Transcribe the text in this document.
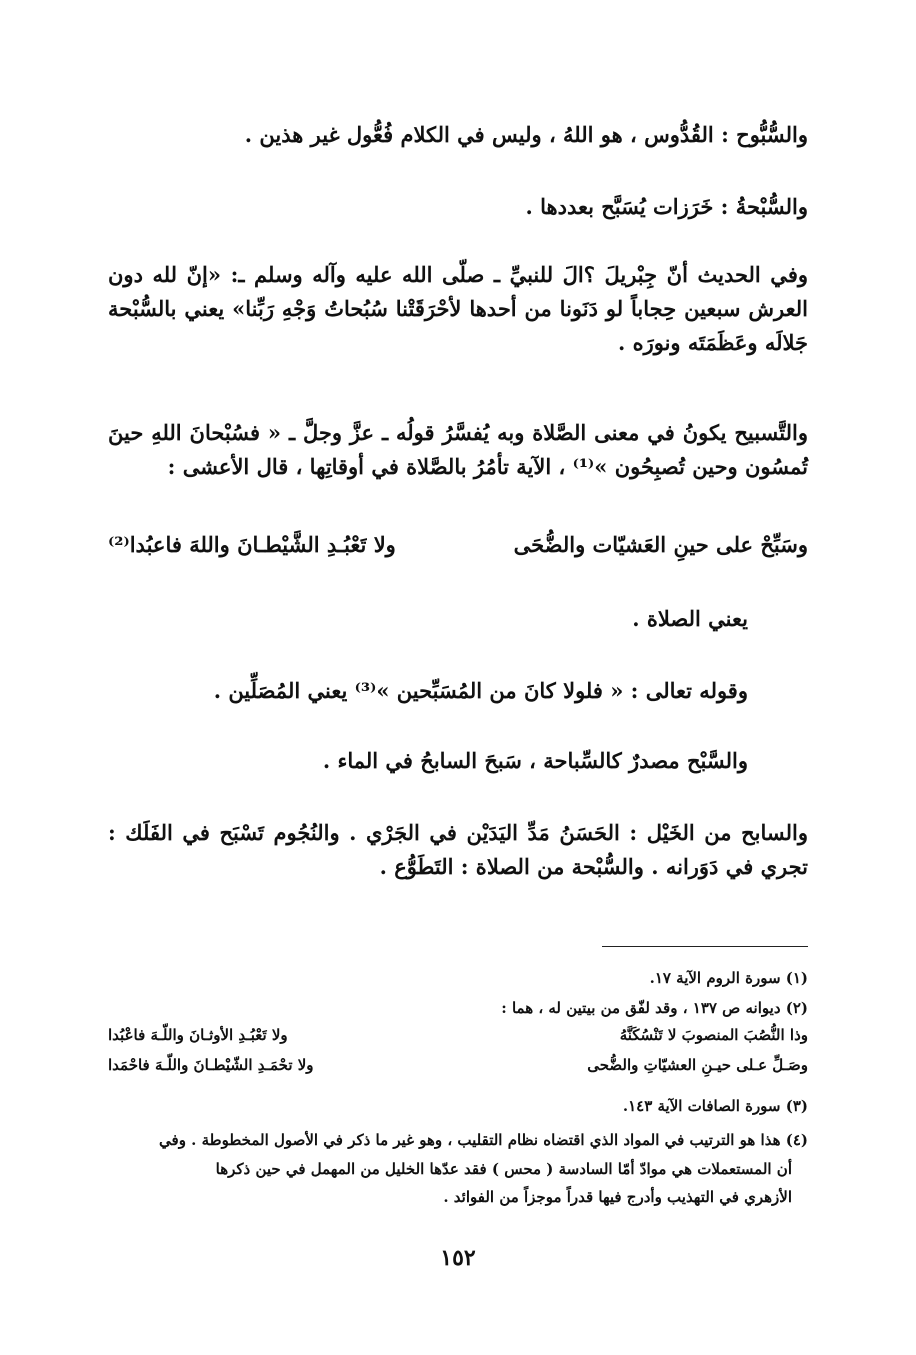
والسُّبُّوح : القُدُّوس ، هو اللهُ ، وليس في الكلام فُعُّول غير هذين .
والسُّبْحةُ : خَرَزات يُسَبَّح بعددها .
وفي الحديث أنّ جِبْريلَ ؟الَ للنبيِّ ـ صلّى الله عليه وآله وسلم ـ: «إنّ لله دون العرش سبعين حِجاباً لو دَنَونا من أحدها لأحْرَقَتْنا سُبُحاتُ وَجْهِ رَبِّنا» يعني بالسُّبْحة جَلالَه وعَظَمَتَه ونورَه .
والتَّسبيح يكونُ في معنى الصَّلاة وبه يُفسَّرُ قولُه ـ عزَّ وجلَّ ـ « فسُبْحانَ اللهِ حينَ تُمسُون وحين تُصبِحُون »⁽¹⁾ ، الآية تأمُرُ بالصَّلاة في أوقاتِها ، قال الأعشى :
وسَبِّحْ على حينِ العَشيّات والضُّحَى
ولا تَعْبُـدِ الشَّيْطـانَ واللهَ فاعبُدا⁽²⁾
يعني الصلاة .
وقوله تعالى : « فلولا كانَ من المُسَبِّحين »⁽³⁾ يعني المُصَلِّين .
والسَّبْح مصدرٌ كالسِّباحة ، سَبحَ السابحُ في الماء .
والسابح من الخَيْل : الحَسَنُ مَدِّ اليَدَيْن في الجَرْي . والنُجُوم تَسْبَح في الفَلَك : تجري في دَوَرانه . والسُّبْحة من الصلاة : التَطَوُّع .
(١) سورة الروم الآية ١٧.
(٢) ديوانه ص ١٣٧ ، وقد لفّق من بيتين له ، هما :
وذا النُّصُبَ المنصوبَ لا تَنْسُكَنَّهُ
ولا تَعْبُـدِ الأوثـانَ واللّـهَ فاعْبُدا
وصَـلِّ عـلى حيـنِ العشيّاتِ والضُّحى
ولا تحْمَـدِ الشّيْطـانَ واللّـهَ فاحْمَدا
(٣) سورة الصافات الآية ١٤٣.
(٤) هذا هو الترتيب في المواد الذي اقتضاه نظام التقليب ، وهو غير ما ذكر في الأصول المخطوطة . وفي
أن المستعملات هي موادّ أمّا السادسة ( محس ) فقد عدّها الخليل من المهمل في حين ذكرها
الأزهري في التهذيب وأدرج فيها قدراً موجزاً من الفوائد .
١٥٢
